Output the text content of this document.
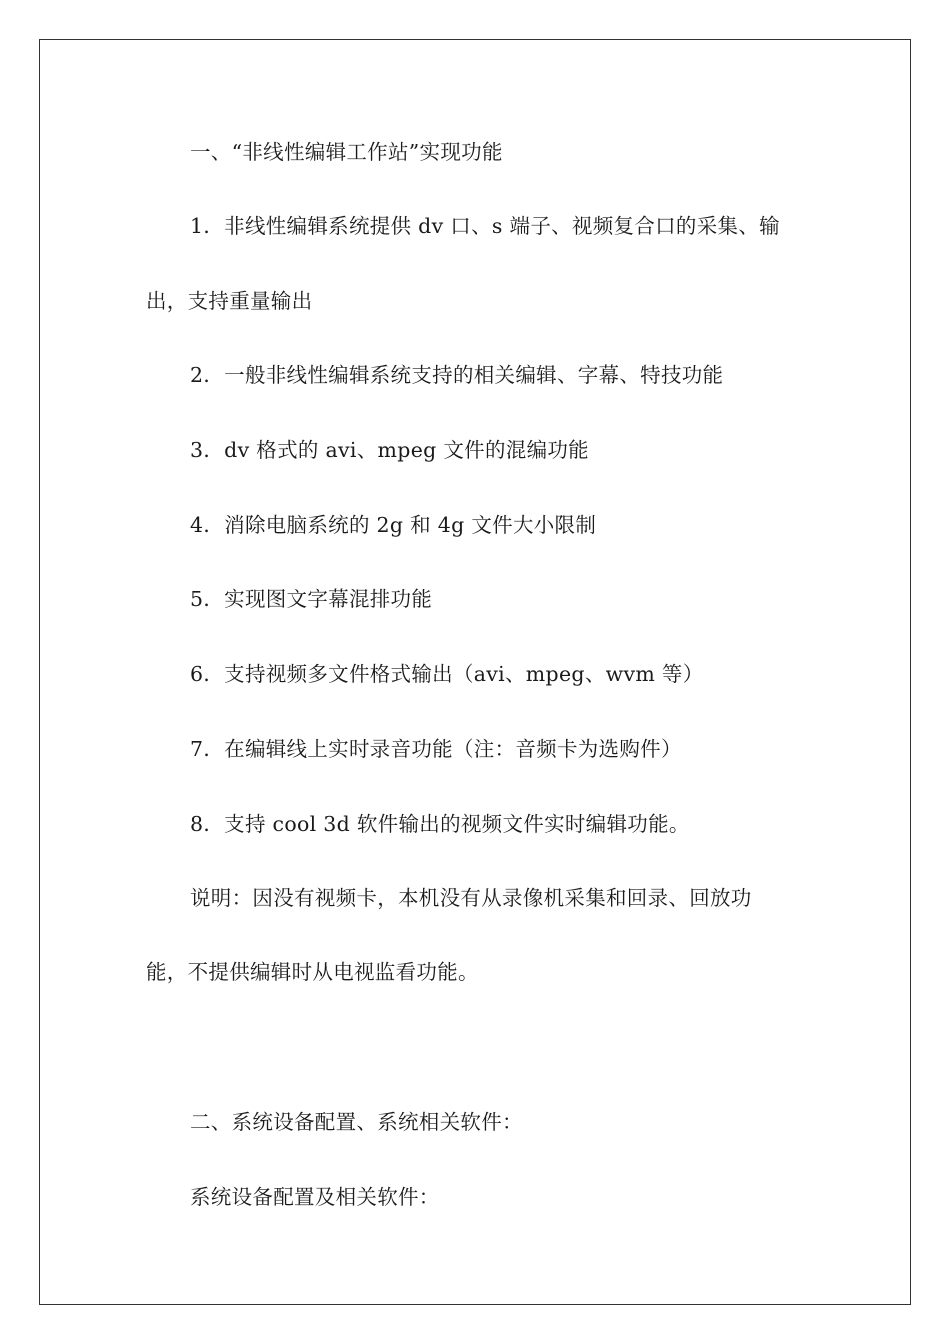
一、“非线性编辑工作站”实现功能
1．非线性编辑系统提供 dv 口、s 端子、视频复合口的采集、输
出，支持重量输出
2．一般非线性编辑系统支持的相关编辑、字幕、特技功能
3．dv 格式的 avi、mpeg 文件的混编功能
4．消除电脑系统的 2g 和 4g 文件大小限制
5．实现图文字幕混排功能
6．支持视频多文件格式输出（avi、mpeg、wvm 等）
7．在编辑线上实时录音功能（注：音频卡为选购件）
8．支持 cool 3d 软件输出的视频文件实时编辑功能。
说明：因没有视频卡，本机没有从录像机采集和回录、回放功
能，不提供编辑时从电视监看功能。
二、系统设备配置、系统相关软件：
系统设备配置及相关软件：
